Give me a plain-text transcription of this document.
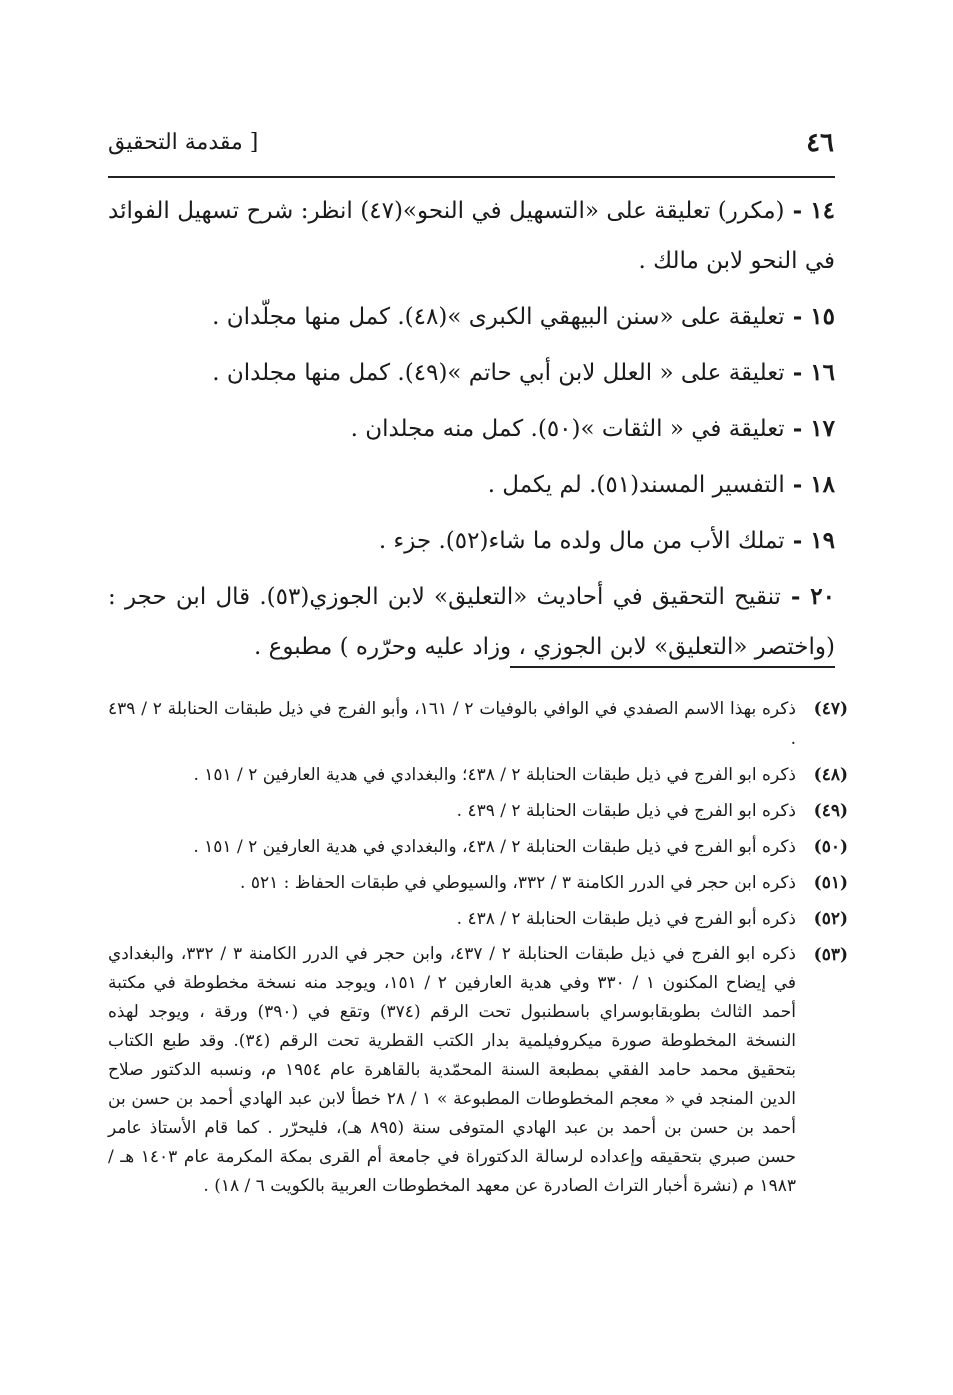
٤٦
[ مقدمة التحقيق

١٤ - (مكرر) تعليقة على «التسهيل في النحو»(٤٧) انظر: شرح تسهيل الفوائد في النحو لابن مالك .

١٥ - تعليقة على «سنن البيهقي الكبرى »(٤٨). كمل منها مجلّدان .

١٦ - تعليقة على « العلل لابن أبي حاتم »(٤٩). كمل منها مجلدان .

١٧ - تعليقة في « الثقات »(٥٠). كمل منه مجلدان .

١٨ - التفسير المسند(٥١). لم يكمل .

١٩ - تملك الأب من مال ولده ما شاء(٥٢). جزء .

٢٠ - تنقيح التحقيق في أحاديث «التعليق» لابن الجوزي(٥٣). قال ابن حجر : (واختصر «التعليق» لابن الجوزي ، وزاد عليه وحرّره ) مطبوع .

(٤٧)
ذكره بهذا الاسم الصفدي في الوافي بالوفيات ٢ / ١٦١، وأبو الفرج في ذيل طبقات الحنابلة ٢ / ٤٣٩ .
(٤٨)
ذكره ابو الفرج في ذيل طبقات الحنابلة ٢ / ٤٣٨؛ والبغدادي في هدية العارفين ٢ / ١٥١ .
(٤٩)
ذكره ابو الفرج في ذيل طبقات الحنابلة ٢ / ٤٣٩ .
(٥٠)
ذكره أبو الفرج في ذيل طبقات الحنابلة ٢ / ٤٣٨، والبغدادي في هدية العارفين ٢ / ١٥١ .
(٥١)
ذكره ابن حجر في الدرر الكامنة ٣ / ٣٣٢، والسيوطي في طبقات الحفاظ : ٥٢١ .
(٥٢)
ذكره أبو الفرج في ذيل طبقات الحنابلة ٢ / ٤٣٨ .
(٥٣)
ذكره ابو الفرج في ذيل طبقات الحنابلة ٢ / ٤٣٧، وابن حجر في الدرر الكامنة ٣ / ٣٣٢، والبغدادي في إيضاح المكنون ١ / ٣٣٠ وفي هدية العارفين ٢ / ١٥١، ويوجد منه نسخة مخطوطة في مكتبة أحمد الثالث بطوبقابوسراي باسطنبول تحت الرقم (٣٧٤) وتقع في (٣٩٠) ورقة ، ويوجد لهذه النسخة المخطوطة صورة ميكروفيلمية بدار الكتب القطرية تحت الرقم (٣٤). وقد طبع الكتاب بتحقيق محمد حامد الفقي بمطبعة السنة المحمّدية بالقاهرة عام ١٩٥٤ م، ونسبه الدكتور صلاح الدين المنجد في « معجم المخطوطات المطبوعة » ١ / ٢٨ خطأ لابن عبد الهادي أحمد بن حسن بن أحمد بن حسن بن أحمد بن عبد الهادي المتوفى سنة (٨٩٥ هـ)، فليحرّر . كما قام الأستاذ عامر حسن صبري بتحقيقه وإعداده لرسالة الدكتوراة في جامعة أم القرى بمكة المكرمة عام ١٤٠٣ هـ / ١٩٨٣ م (نشرة أخبار التراث الصادرة عن معهد المخطوطات العربية بالكويت ٦ / ١٨) .
